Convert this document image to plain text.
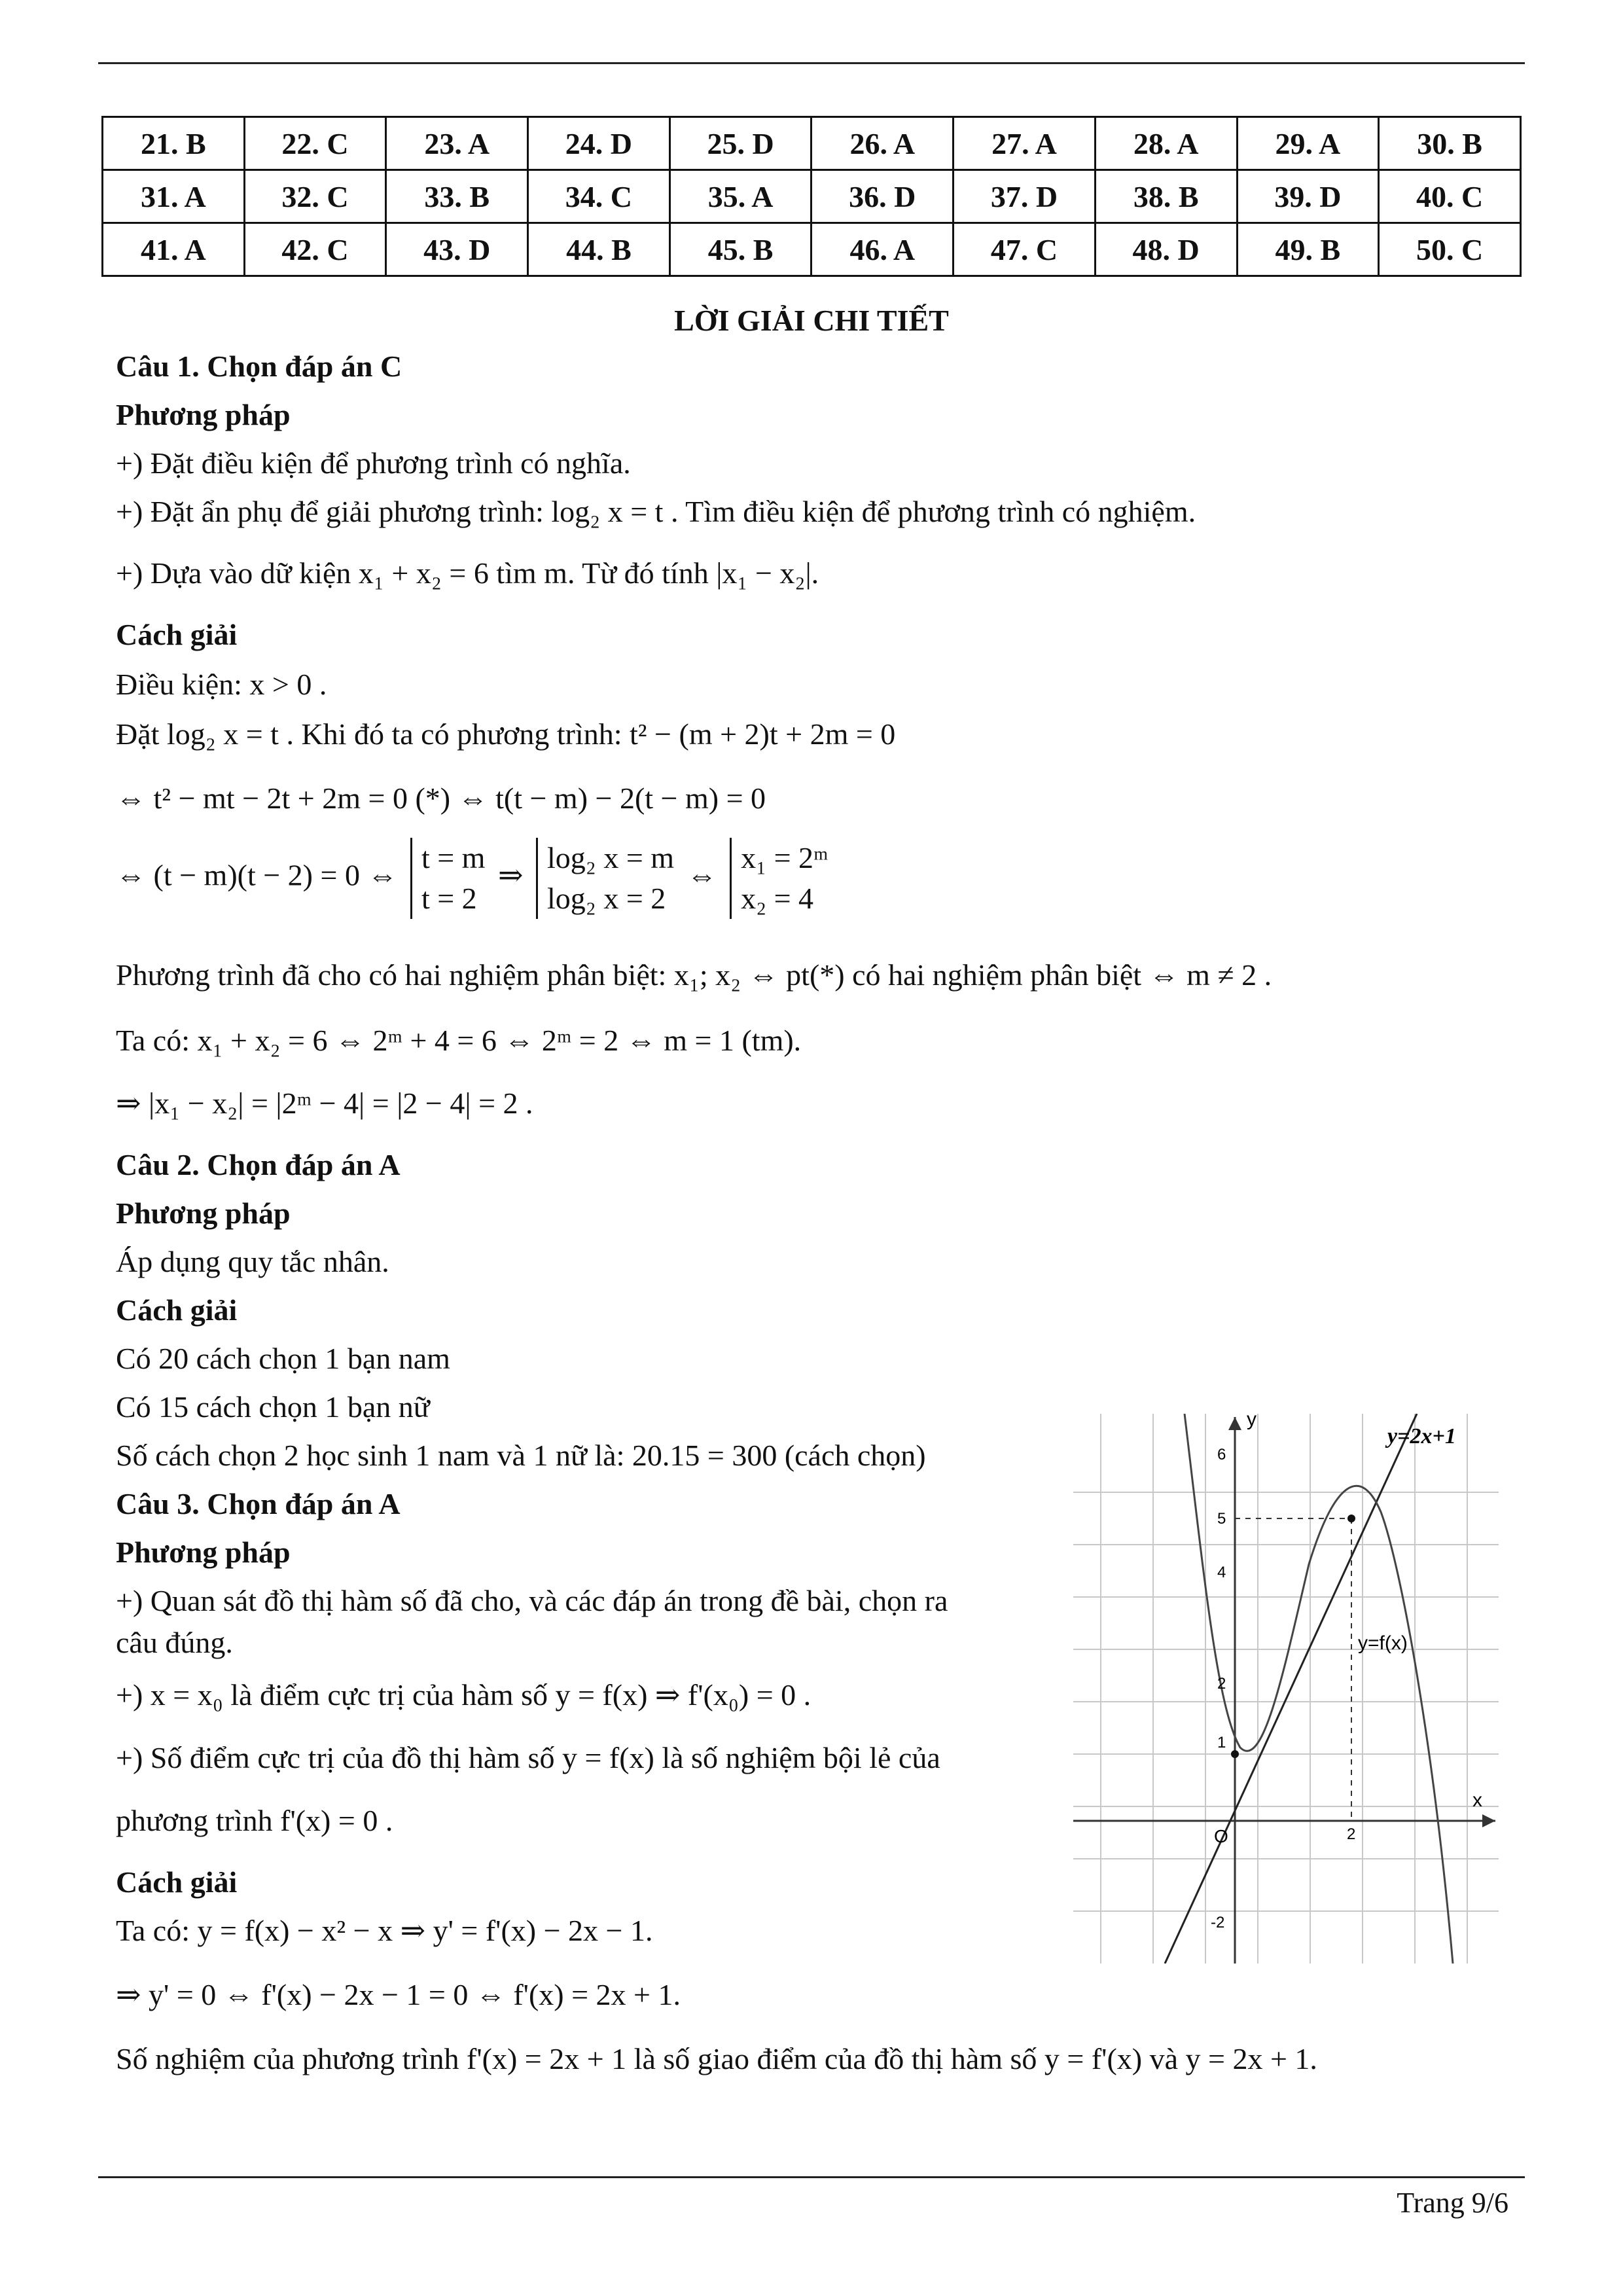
21. B	22. C	23. A	24. D	25. D	26. A	27. A	28. A	29. A	30. B
31. A	32. C	33. B	34. C	35. A	36. D	37. D	38. B	39. D	40. C
41. A	42. C	43. D	44. B	45. B	46. A	47. C	48. D	49. B	50. C
LỜI GIẢI CHI TIẾT
Câu 1. Chọn đáp án C
Phương pháp
+) Đặt điều kiện để phương trình có nghĩa.
+) Đặt ẩn phụ để giải phương trình: log₂ x = t . Tìm điều kiện để phương trình có nghiệm.
+) Dựa vào dữ kiện x₁ + x₂ = 6 tìm m. Từ đó tính |x₁ − x₂|.
Cách giải
Điều kiện: x > 0 .
Đặt log₂ x = t . Khi đó ta có phương trình: t² − (m + 2)t + 2m = 0
⇔ t² − mt − 2t + 2m = 0 (*) ⇔ t(t − m) − 2(t − m) = 0
⇔ (t − m)(t − 2) = 0 ⇔ t = m
t = 2 ⇒ log₂ x = m
log₂ x = 2 ⇔ x₁ = 2ᵐ
x₂ = 4
Phương trình đã cho có hai nghiệm phân biệt: x₁; x₂ ⇔ pt(*) có hai nghiệm phân biệt ⇔ m ≠ 2 .
Ta có: x₁ + x₂ = 6 ⇔ 2ᵐ + 4 = 6 ⇔ 2ᵐ = 2 ⇔ m = 1 (tm).
⇒ |x₁ − x₂| = |2ᵐ − 4| = |2 − 4| = 2 .
Câu 2. Chọn đáp án A
Phương pháp
Áp dụng quy tắc nhân.
Cách giải
Có 20 cách chọn 1 bạn nam
Có 15 cách chọn 1 bạn nữ
Số cách chọn 2 học sinh 1 nam và 1 nữ là: 20.15 = 300 (cách chọn)
Câu 3. Chọn đáp án A
Phương pháp
+) Quan sát đồ thị hàm số đã cho, và các đáp án trong đề bài, chọn ra
câu đúng.
+) x = x₀ là điểm cực trị của hàm số y = f(x) ⇒ f'(x₀) = 0 .
+) Số điểm cực trị của đồ thị hàm số y = f(x) là số nghiệm bội lẻ của
phương trình f'(x) = 0 .
Cách giải
Ta có: y = f(x) − x² − x ⇒ y' = f'(x) − 2x − 1.
⇒ y' = 0 ⇔ f'(x) − 2x − 1 = 0 ⇔ f'(x) = 2x + 1.
Số nghiệm của phương trình f'(x) = 2x + 1 là số giao điểm của đồ thị hàm số y = f'(x) và y = 2x + 1.
y
x
y=2x+1
y=f(x)
O	2
6
5
4
2
1
-2
Trang 9/6
